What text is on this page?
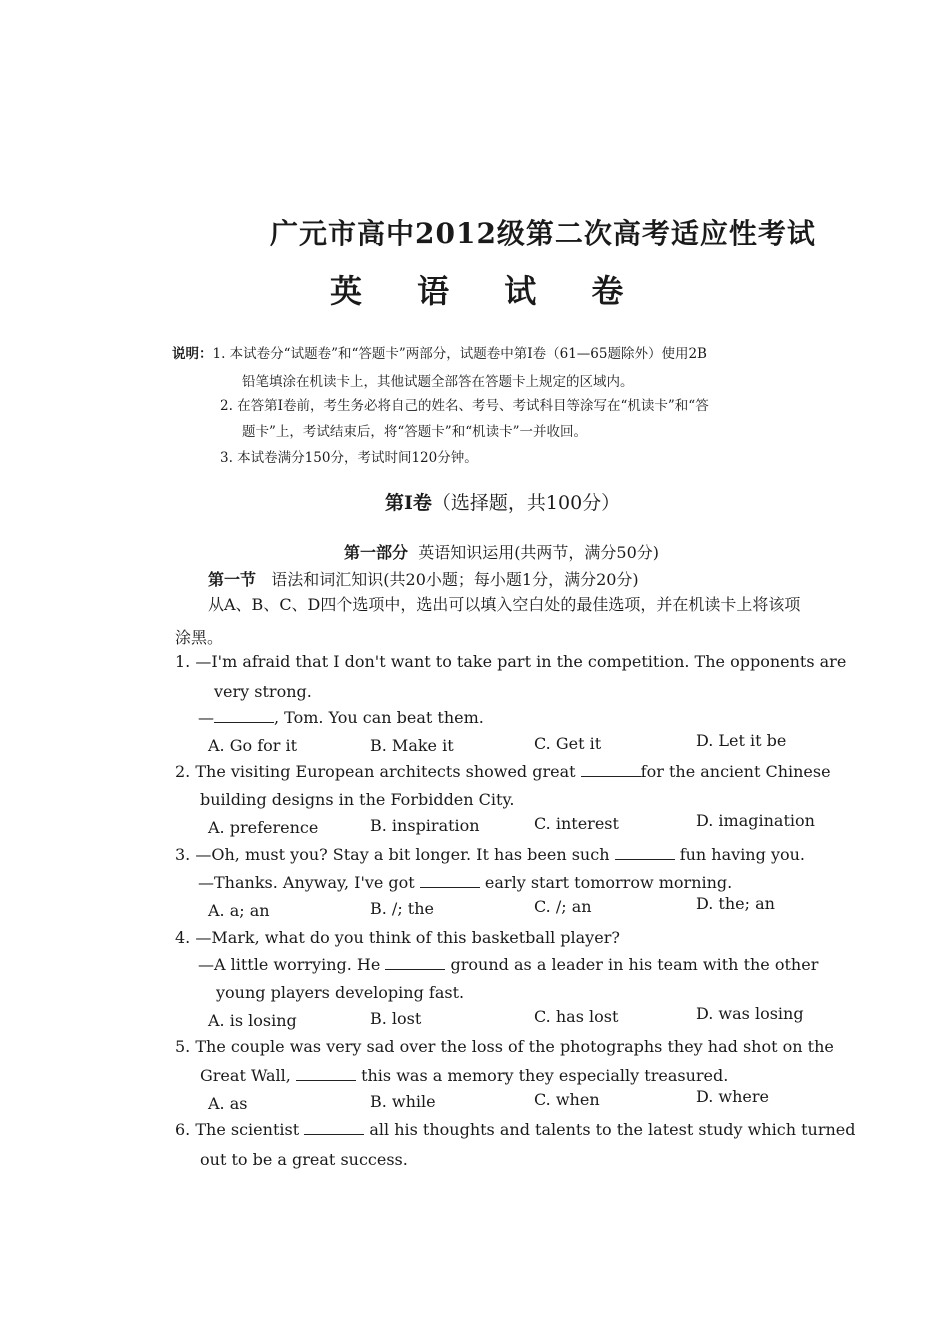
广元市高中2012级第二次高考适应性考试
英 语 试 卷
说明：1. 本试卷分“试题卷”和“答题卡”两部分，试题卷中第Ⅰ卷（61—65题除外）使用2B
铅笔填涂在机读卡上，其他试题全部答在答题卡上规定的区域内。
2. 在答第Ⅰ卷前，考生务必将自己的姓名、考号、考试科目等涂写在“机读卡”和“答
题卡”上，考试结束后，将“答题卡”和“机读卡”一并收回。
3. 本试卷满分150分，考试时间120分钟。
第Ⅰ卷（选择题，共100分）
第一部分 英语知识运用(共两节，满分50分)
第一节 语法和词汇知识(共20小题；每小题1分，满分20分)
从A、B、C、D四个选项中，选出可以填入空白处的最佳选项，并在机读卡上将该项
涂黑。
1. —I'm afraid that I don't want to take part in the competition. The opponents are
very strong.
—	, Tom. You can beat them.
A. Go for it	B. Make it	C. Get it	D. Let it be
2. The visiting European architects showed great	for the ancient Chinese
building designs in the Forbidden City.
A. preference	B. inspiration	C. interest	D. imagination
3. —Oh, must you? Stay a bit longer. It has been such	fun having you.
—Thanks. Anyway, I've got	early start tomorrow morning.
A. a; an	B. /; the	C. /; an	D. the; an
4. —Mark, what do you think of this basketball player?
—A little worrying. He	ground as a leader in his team with the other
young players developing fast.
A. is losing	B. lost	C. has lost	D. was losing
5. The couple was very sad over the loss of the photographs they had shot on the
Great Wall,	this was a memory they especially treasured.
A. as	B. while	C. when	D. where
6. The scientist	all his thoughts and talents to the latest study which turned
out to be a great success.
